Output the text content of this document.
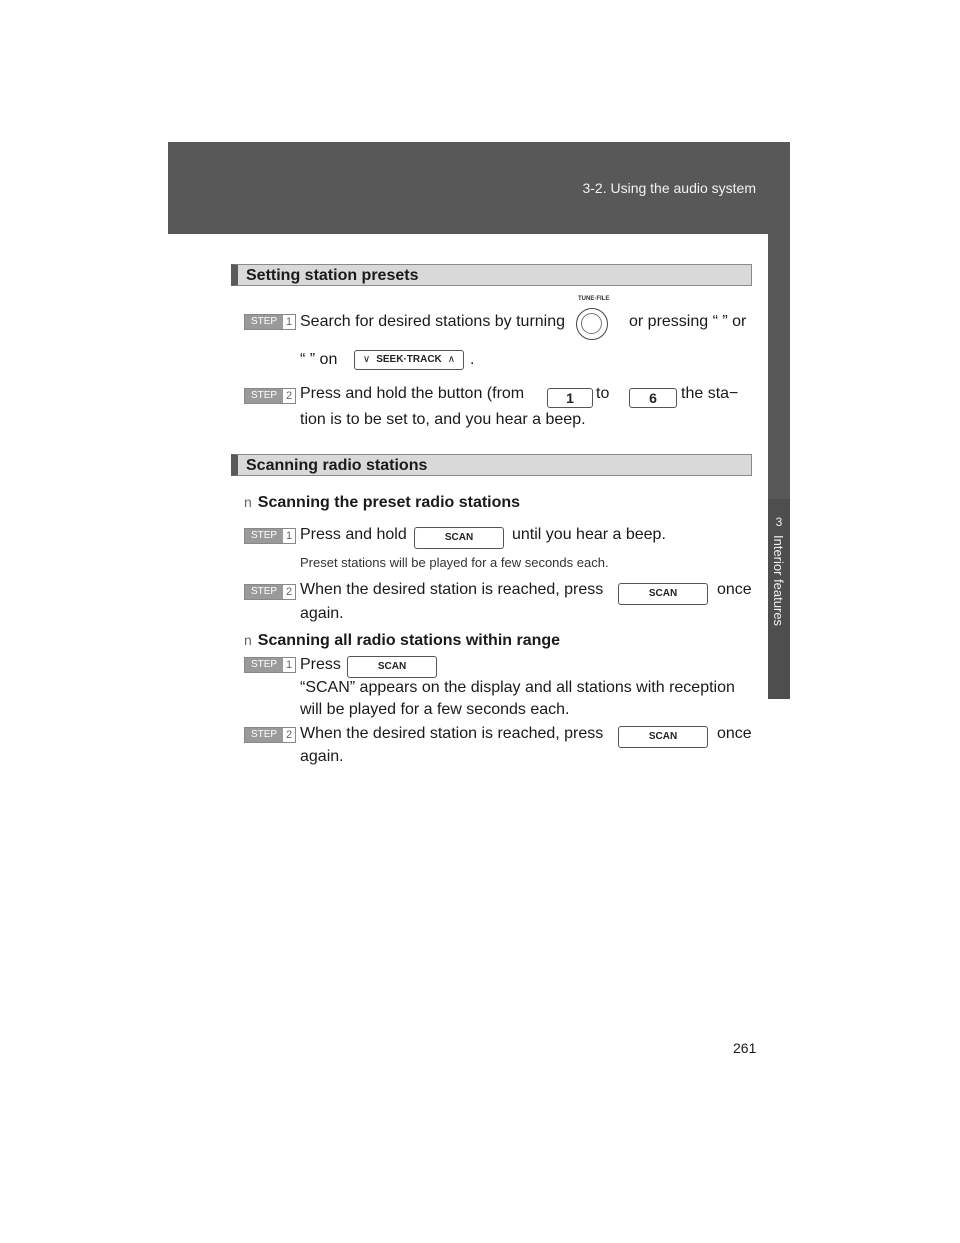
3-2. Using the audio system
3
Interior features
Setting station presets
STEP 1 Search for desired stations by turning
TUNE·FILE
or pressing “ ” or
“ ” on	∨ SEEK·TRACK ∧ .
STEP 2 Press and hold the button (from	1	to	6	the sta−
tion is to be set to, and you hear a beep.
Scanning radio stations
n Scanning the preset radio stations
STEP 1 Press and hold	SCAN	until you hear a beep.
Preset stations will be played for a few seconds each.
STEP 2 When the desired station is reached, press	SCAN	once
again.
n Scanning all radio stations within range
STEP 1 Press	SCAN
“SCAN” appears on the display and all stations with reception
will be played for a few seconds each.
STEP 2 When the desired station is reached, press	SCAN	once
again.
261
